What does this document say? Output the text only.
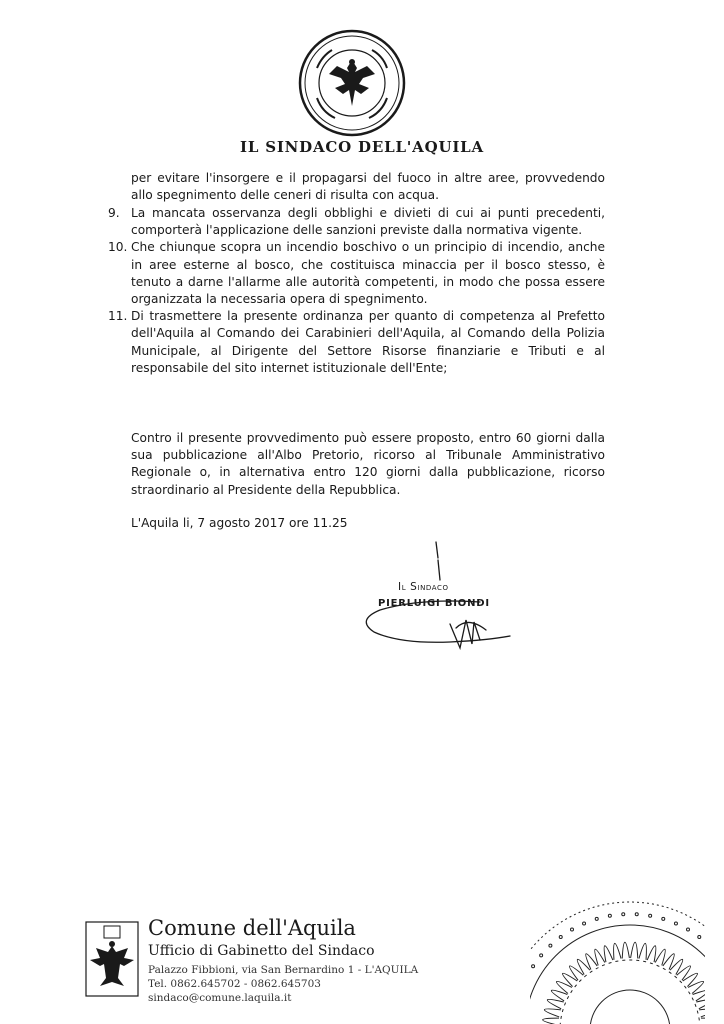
IL SINDACO DELL'AQUILA

per evitare l'insorgere e il propagarsi del fuoco in altre aree, provvedendo allo spegnimento delle ceneri di risulta con acqua.

9. La mancata osservanza degli obblighi e divieti di cui ai punti precedenti, comporterà l'applicazione delle sanzioni previste dalla normativa vigente.
10. Che chiunque scopra un incendio boschivo o un principio di incendio, anche in aree esterne al bosco, che costituisca minaccia per il bosco stesso, è tenuto a darne l'allarme alle autorità competenti, in modo che possa essere organizzata la necessaria opera di spegnimento.
11. Di trasmettere la presente ordinanza per quanto di competenza al Prefetto dell'Aquila al Comando dei Carabinieri dell'Aquila, al Comando della Polizia Municipale, al Dirigente del Settore Risorse finanziarie e Tributi e al responsabile del sito internet istituzionale dell'Ente;

Contro il presente provvedimento può essere proposto, entro 60 giorni dalla sua pubblicazione all'Albo Pretorio, ricorso al Tribunale Amministrativo Regionale o, in alternativa entro 120 giorni dalla pubblicazione, ricorso straordinario al Presidente della Repubblica.

L'Aquila li, 7 agosto 2017 ore 11.25

Il Sindaco
PIERLUIGI BIONDI
Comune dell'Aquila
Ufficio di Gabinetto del Sindaco
Palazzo Fibbioni, via San Bernardino 1 - L'AQUILA
Tel. 0862.645702 - 0862.645703
sindaco@comune.laquila.it
